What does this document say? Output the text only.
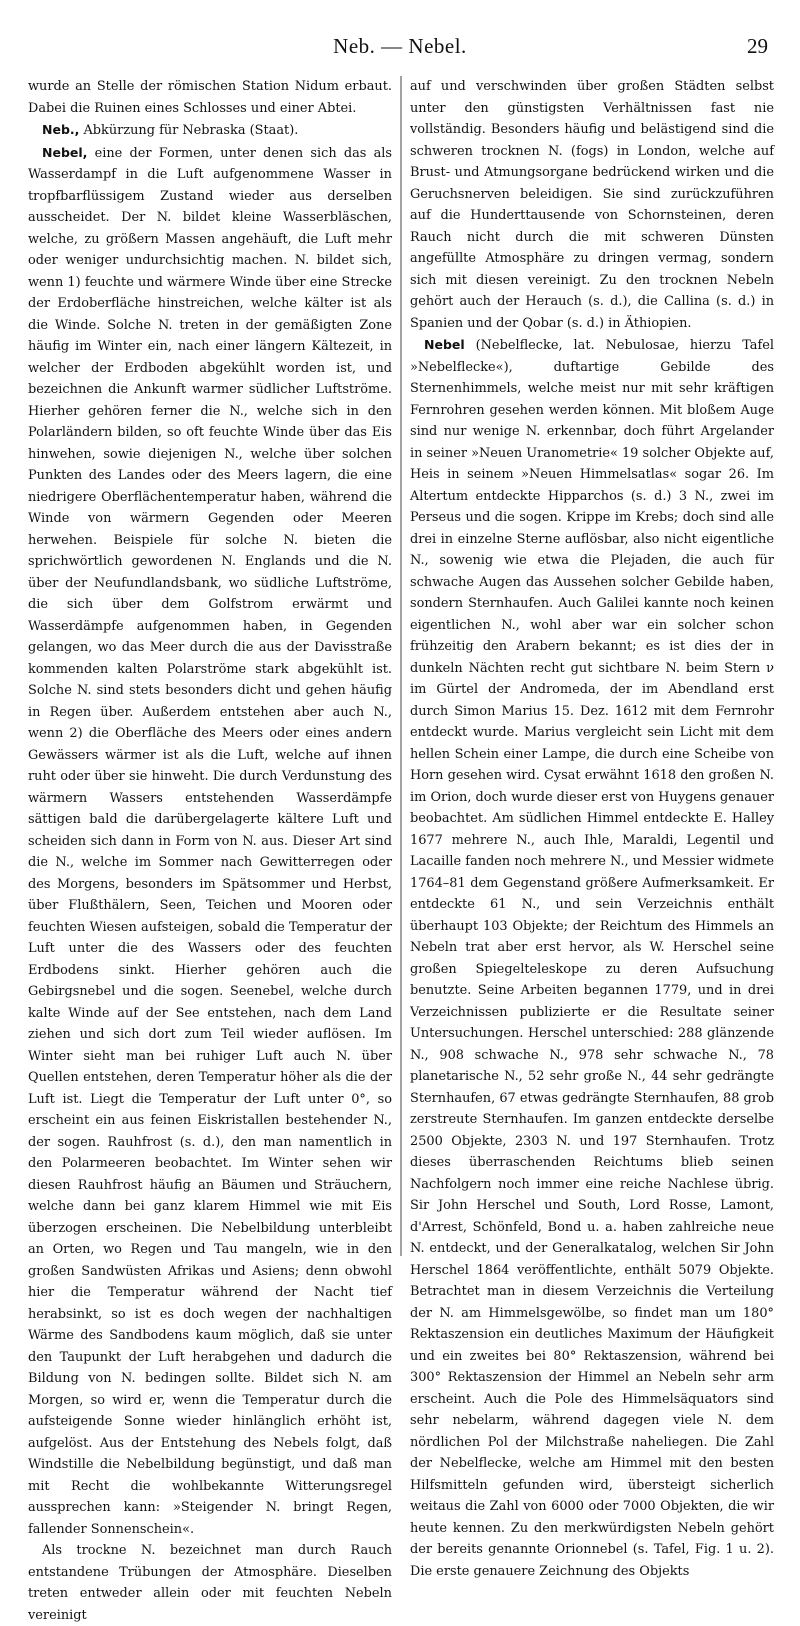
Neb. — Nebel.	29

wurde an Stelle der römischen Station Nidum erbaut. Dabei die Ruinen eines Schlosses und einer Abtei.

Neb., Abkürzung für Nebraska (Staat).

Nebel, eine der Formen, unter denen sich das als Wasserdampf in die Luft aufgenommene Wasser in tropfbarflüssigem Zustand wieder aus derselben ausscheidet. Der N. bildet kleine Wasserbläschen, welche, zu größern Massen angehäuft, die Luft mehr oder weniger undurchsichtig machen. N. bildet sich, wenn 1) feuchte und wärmere Winde über eine Strecke der Erdoberfläche hinstreichen, welche kälter ist als die Winde. Solche N. treten in der gemäßigten Zone häufig im Winter ein, nach einer längern Kältezeit, in welcher der Erdboden abgekühlt worden ist, und bezeichnen die Ankunft warmer südlicher Luftströme. Hierher gehören ferner die N., welche sich in den Polarländern bilden, so oft feuchte Winde über das Eis hinwehen, sowie diejenigen N., welche über solchen Punkten des Landes oder des Meers lagern, die eine niedrigere Oberflächentemperatur haben, während die Winde von wärmern Gegenden oder Meeren herwehen. Beispiele für solche N. bieten die sprichwörtlich gewordenen N. Englands und die N. über der Neufundlandsbank, wo südliche Luftströme, die sich über dem Golfstrom erwärmt und Wasserdämpfe aufgenommen haben, in Gegenden gelangen, wo das Meer durch die aus der Davisstraße kommenden kalten Polarströme stark abgekühlt ist. Solche N. sind stets besonders dicht und gehen häufig in Regen über. Außerdem entstehen aber auch N., wenn 2) die Oberfläche des Meers oder eines andern Gewässers wärmer ist als die Luft, welche auf ihnen ruht oder über sie hinweht. Die durch Verdunstung des wärmern Wassers entstehenden Wasserdämpfe sättigen bald die darübergelagerte kältere Luft und scheiden sich dann in Form von N. aus. Dieser Art sind die N., welche im Sommer nach Gewitterregen oder des Morgens, besonders im Spätsommer und Herbst, über Flußthälern, Seen, Teichen und Mooren oder feuchten Wiesen aufsteigen, sobald die Temperatur der Luft unter die des Wassers oder des feuchten Erdbodens sinkt. Hierher gehören auch die Gebirgsnebel und die sogen. Seenebel, welche durch kalte Winde auf der See entstehen, nach dem Land ziehen und sich dort zum Teil wieder auflösen. Im Winter sieht man bei ruhiger Luft auch N. über Quellen entstehen, deren Temperatur höher als die der Luft ist. Liegt die Temperatur der Luft unter 0°, so erscheint ein aus feinen Eiskristallen bestehender N., der sogen. Rauhfrost (s. d.), den man namentlich in den Polarmeeren beobachtet. Im Winter sehen wir diesen Rauhfrost häufig an Bäumen und Sträuchern, welche dann bei ganz klarem Himmel wie mit Eis überzogen erscheinen. Die Nebelbildung unterbleibt an Orten, wo Regen und Tau mangeln, wie in den großen Sandwüsten Afrikas und Asiens; denn obwohl hier die Temperatur während der Nacht tief herabsinkt, so ist es doch wegen der nachhaltigen Wärme des Sandbodens kaum möglich, daß sie unter den Taupunkt der Luft herabgehen und dadurch die Bildung von N. bedingen sollte. Bildet sich N. am Morgen, so wird er, wenn die Temperatur durch die aufsteigende Sonne wieder hinlänglich erhöht ist, aufgelöst. Aus der Entstehung des Nebels folgt, daß Windstille die Nebelbildung begünstigt, und daß man mit Recht die wohlbekannte Witterungsregel aussprechen kann: »Steigender N. bringt Regen, fallender Sonnenschein«.

Als trockne N. bezeichnet man durch Rauch entstandene Trübungen der Atmosphäre. Dieselben treten entweder allein oder mit feuchten Nebeln vereinigt

auf und verschwinden über großen Städten selbst unter den günstigsten Verhältnissen fast nie vollständig. Besonders häufig und belästigend sind die schweren trocknen N. (fogs) in London, welche auf Brust- und Atmungsorgane bedrückend wirken und die Geruchsnerven beleidigen. Sie sind zurückzuführen auf die Hunderttausende von Schornsteinen, deren Rauch nicht durch die mit schweren Dünsten angefüllte Atmosphäre zu dringen vermag, sondern sich mit diesen vereinigt. Zu den trocknen Nebeln gehört auch der Herauch (s. d.), die Callina (s. d.) in Spanien und der Qobar (s. d.) in Äthiopien.

Nebel (Nebelflecke, lat. Nebulosae, hierzu Tafel »Nebelflecke«), duftartige Gebilde des Sternenhimmels, welche meist nur mit sehr kräftigen Fernrohren gesehen werden können. Mit bloßem Auge sind nur wenige N. erkennbar, doch führt Argelander in seiner »Neuen Uranometrie« 19 solcher Objekte auf, Heis in seinem »Neuen Himmelsatlas« sogar 26. Im Altertum entdeckte Hipparchos (s. d.) 3 N., zwei im Perseus und die sogen. Krippe im Krebs; doch sind alle drei in einzelne Sterne auflösbar, also nicht eigentliche N., sowenig wie etwa die Plejaden, die auch für schwache Augen das Aussehen solcher Gebilde haben, sondern Sternhaufen. Auch Galilei kannte noch keinen eigentlichen N., wohl aber war ein solcher schon frühzeitig den Arabern bekannt; es ist dies der in dunkeln Nächten recht gut sichtbare N. beim Stern ν im Gürtel der Andromeda, der im Abendland erst durch Simon Marius 15. Dez. 1612 mit dem Fernrohr entdeckt wurde. Marius vergleicht sein Licht mit dem hellen Schein einer Lampe, die durch eine Scheibe von Horn gesehen wird. Cysat erwähnt 1618 den großen N. im Orion, doch wurde dieser erst von Huygens genauer beobachtet. Am südlichen Himmel entdeckte E. Halley 1677 mehrere N., auch Ihle, Maraldi, Legentil und Lacaille fanden noch mehrere N., und Messier widmete 1764–81 dem Gegenstand größere Aufmerksamkeit. Er entdeckte 61 N., und sein Verzeichnis enthält überhaupt 103 Objekte; der Reichtum des Himmels an Nebeln trat aber erst hervor, als W. Herschel seine großen Spiegelteleskope zu deren Aufsuchung benutzte. Seine Arbeiten begannen 1779, und in drei Verzeichnissen publizierte er die Resultate seiner Untersuchungen. Herschel unterschied: 288 glänzende N., 908 schwache N., 978 sehr schwache N., 78 planetarische N., 52 sehr große N., 44 sehr gedrängte Sternhaufen, 67 etwas gedrängte Sternhaufen, 88 grob zerstreute Sternhaufen. Im ganzen entdeckte derselbe 2500 Objekte, 2303 N. und 197 Sternhaufen. Trotz dieses überraschenden Reichtums blieb seinen Nachfolgern noch immer eine reiche Nachlese übrig. Sir John Herschel und South, Lord Rosse, Lamont, d'Arrest, Schönfeld, Bond u. a. haben zahlreiche neue N. entdeckt, und der Generalkatalog, welchen Sir John Herschel 1864 veröffentlichte, enthält 5079 Objekte. Betrachtet man in diesem Verzeichnis die Verteilung der N. am Himmelsgewölbe, so findet man um 180° Rektaszension ein deutliches Maximum der Häufigkeit und ein zweites bei 80° Rektaszension, während bei 300° Rektaszension der Himmel an Nebeln sehr arm erscheint. Auch die Pole des Himmelsäquators sind sehr nebelarm, während dagegen viele N. dem nördlichen Pol der Milchstraße naheliegen. Die Zahl der Nebelflecke, welche am Himmel mit den besten Hilfsmitteln gefunden wird, übersteigt sicherlich weitaus die Zahl von 6000 oder 7000 Objekten, die wir heute kennen. Zu den merkwürdigsten Nebeln gehört der bereits genannte Orionnebel (s. Tafel, Fig. 1 u. 2). Die erste genauere Zeichnung des Objekts
